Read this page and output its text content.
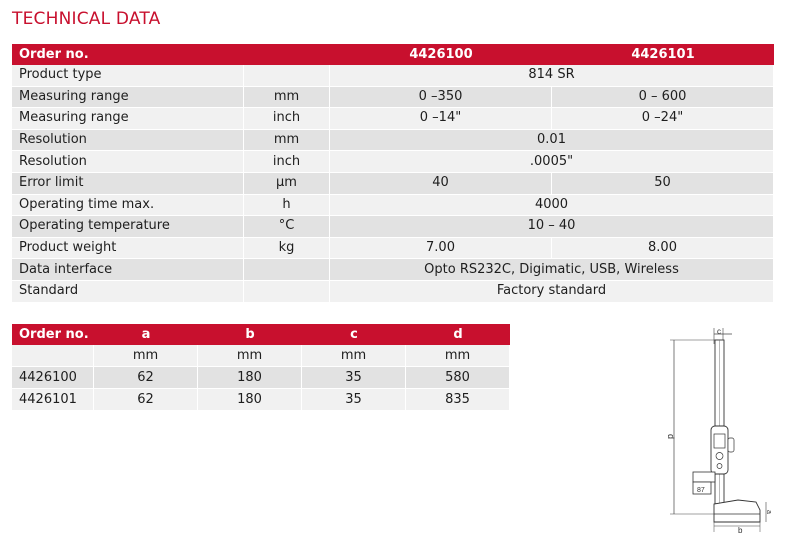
TECHNICAL DATA
Order no.		4426100	4426101
Product type		814 SR	
Measuring range	mm	0 –350	0 – 600
Measuring range	inch	0 –14"	0 –24"
Resolution	mm	0.01	
Resolution	inch	.0005"	
Error limit	µm	40	50
Operating time max.	h	4000	
Operating temperature	°C	10 – 40	
Product weight	kg	7.00	8.00
Data interface		Opto RS232C, Digimatic, USB, Wireless	
Standard		Factory standard	
Order no.	a	b	c	d
	mm	mm	mm	mm
4426100	62	180	35	580
4426101	62	180	35	835
c
d
87
a
b
